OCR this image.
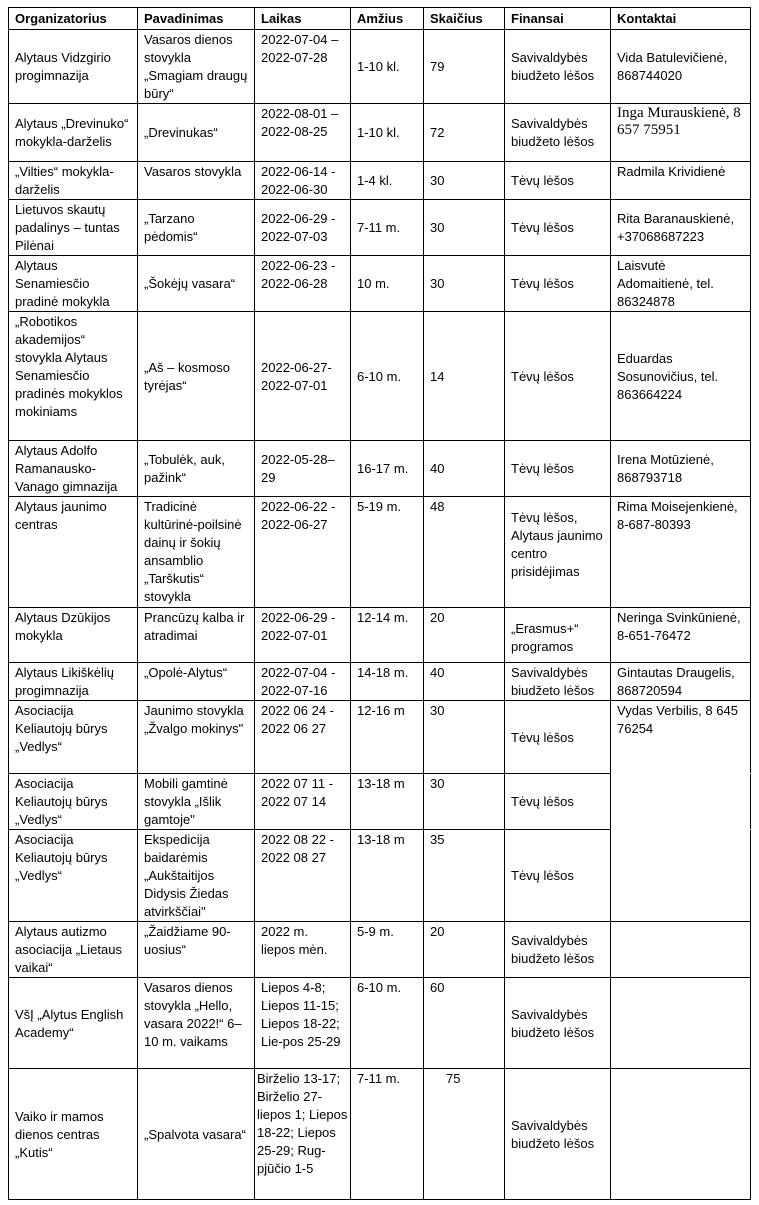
Organizatorius	Pavadinimas	Laikas	Amžius	Skaičius	Finansai	Kontaktai
Alytaus Vidzgirio progimnazija	Vasaros dienos stovykla „Smagiam draugų būry“	2022-07-04 – 2022-07-28	1-10 kl.	79	Savivaldybės biudžeto lėšos	Vida Batulevičienė, 868744020
Alytaus „Drevinuko“ mokykla-darželis	„Drevinukas“	2022-08-01 – 2022-08-25	1-10 kl.	72	Savivaldybės biudžeto lėšos	Inga Murauskienė, 8 657 75951
„Vilties“ mokykla-darželis	Vasaros stovykla	2022-06-14 - 2022-06-30	1-4 kl.	30	Tėvų lėšos	Radmila Krividienė
Lietuvos skautų padalinys – tuntas Pilėnai	„Tarzano pėdomis“	2022-06-29 - 2022-07-03	7-11 m.	30	Tėvų lėšos	Rita Baranauskienė, +37068687223
Alytaus Senamiesčio pradinė mokykla	„Šokėjų vasara“	2022-06-23 - 2022-06-28	10 m.	30	Tėvų lėšos	Laisvutė Adomaitienė, tel. 86324878
„Robotikos akademijos“ stovykla Alytaus Senamiesčio pradinės mokyklos mokiniams	„Aš – kosmoso tyrėjas“	2022-06-27- 2022-07-01	6-10 m.	14	Tėvų lėšos	Eduardas Sosunovičius, tel. 863664224
Alytaus Adolfo Ramanausko-Vanago gimnazija	„Tobulėk, auk, pažink“	2022-05-28– 29	16-17 m.	40	Tėvų lėšos	Irena Motūzienė, 868793718
Alytaus jaunimo centras	Tradicinė kultūrinė-poilsinė dainų ir šokių ansamblio „Tarškutis“ stovykla	2022-06-22 - 2022-06-27	5-19 m.	48	Tėvų lėšos, Alytaus jaunimo centro prisidėjimas	Rima Moisejenkienė, 8-687-80393
Alytaus Dzūkijos mokykla	Prancūzų kalba ir atradimai	2022-06-29 - 2022-07-01	12-14 m.	20	„Erasmus+“ programos	Neringa Svinkūnienė, 8-651-76472
Alytaus Likiškėlių progimnazija	„Opolė-Alytus“	2022-07-04 - 2022-07-16	14-18 m.	40	Savivaldybės biudžeto lėšos	Gintautas Draugelis, 868720594
Asociacija Keliautojų būrys „Vedlys“	Jaunimo stovykla „Žvalgo mokinys"	2022 06 24 - 2022 06 27	12-16 m	30	Tėvų lėšos	Vydas Verbilis, 8 645 76254
Asociacija Keliautojų būrys „Vedlys“	Mobili gamtinė stovykla „Išlik gamtoje"	2022 07 11 - 2022 07 14	13-18 m	30	Tėvų lėšos	
Asociacija Keliautojų būrys „Vedlys“	Ekspedicija baidarėmis „Aukštaitijos Didysis Žiedas atvirkščiai"	2022 08 22 - 2022 08 27	13-18 m	35	Tėvų lėšos	
Alytaus autizmo asociacija „Lietaus vaikai“	„Žaidžiame 90-uosius“	2022 m. liepos mėn.	5-9 m.	20	Savivaldybės biudžeto lėšos	
VšĮ „Alytus English Academy“	Vasaros dienos stovykla „Hello, vasara 2022!“ 6–10 m. vaikams	Liepos 4-8; Liepos 11-15; Liepos 18-22; Lie-pos 25-29	6-10 m.	60	Savivaldybės biudžeto lėšos	
Vaiko ir mamos dienos centras „Kutis“	„Spalvota vasara“	Birželio 13-17; Birželio 27- liepos 1; Liepos 18-22; Liepos 25-29; Rug-pjūčio 1-5	7-11 m.	75	Savivaldybės biudžeto lėšos	
